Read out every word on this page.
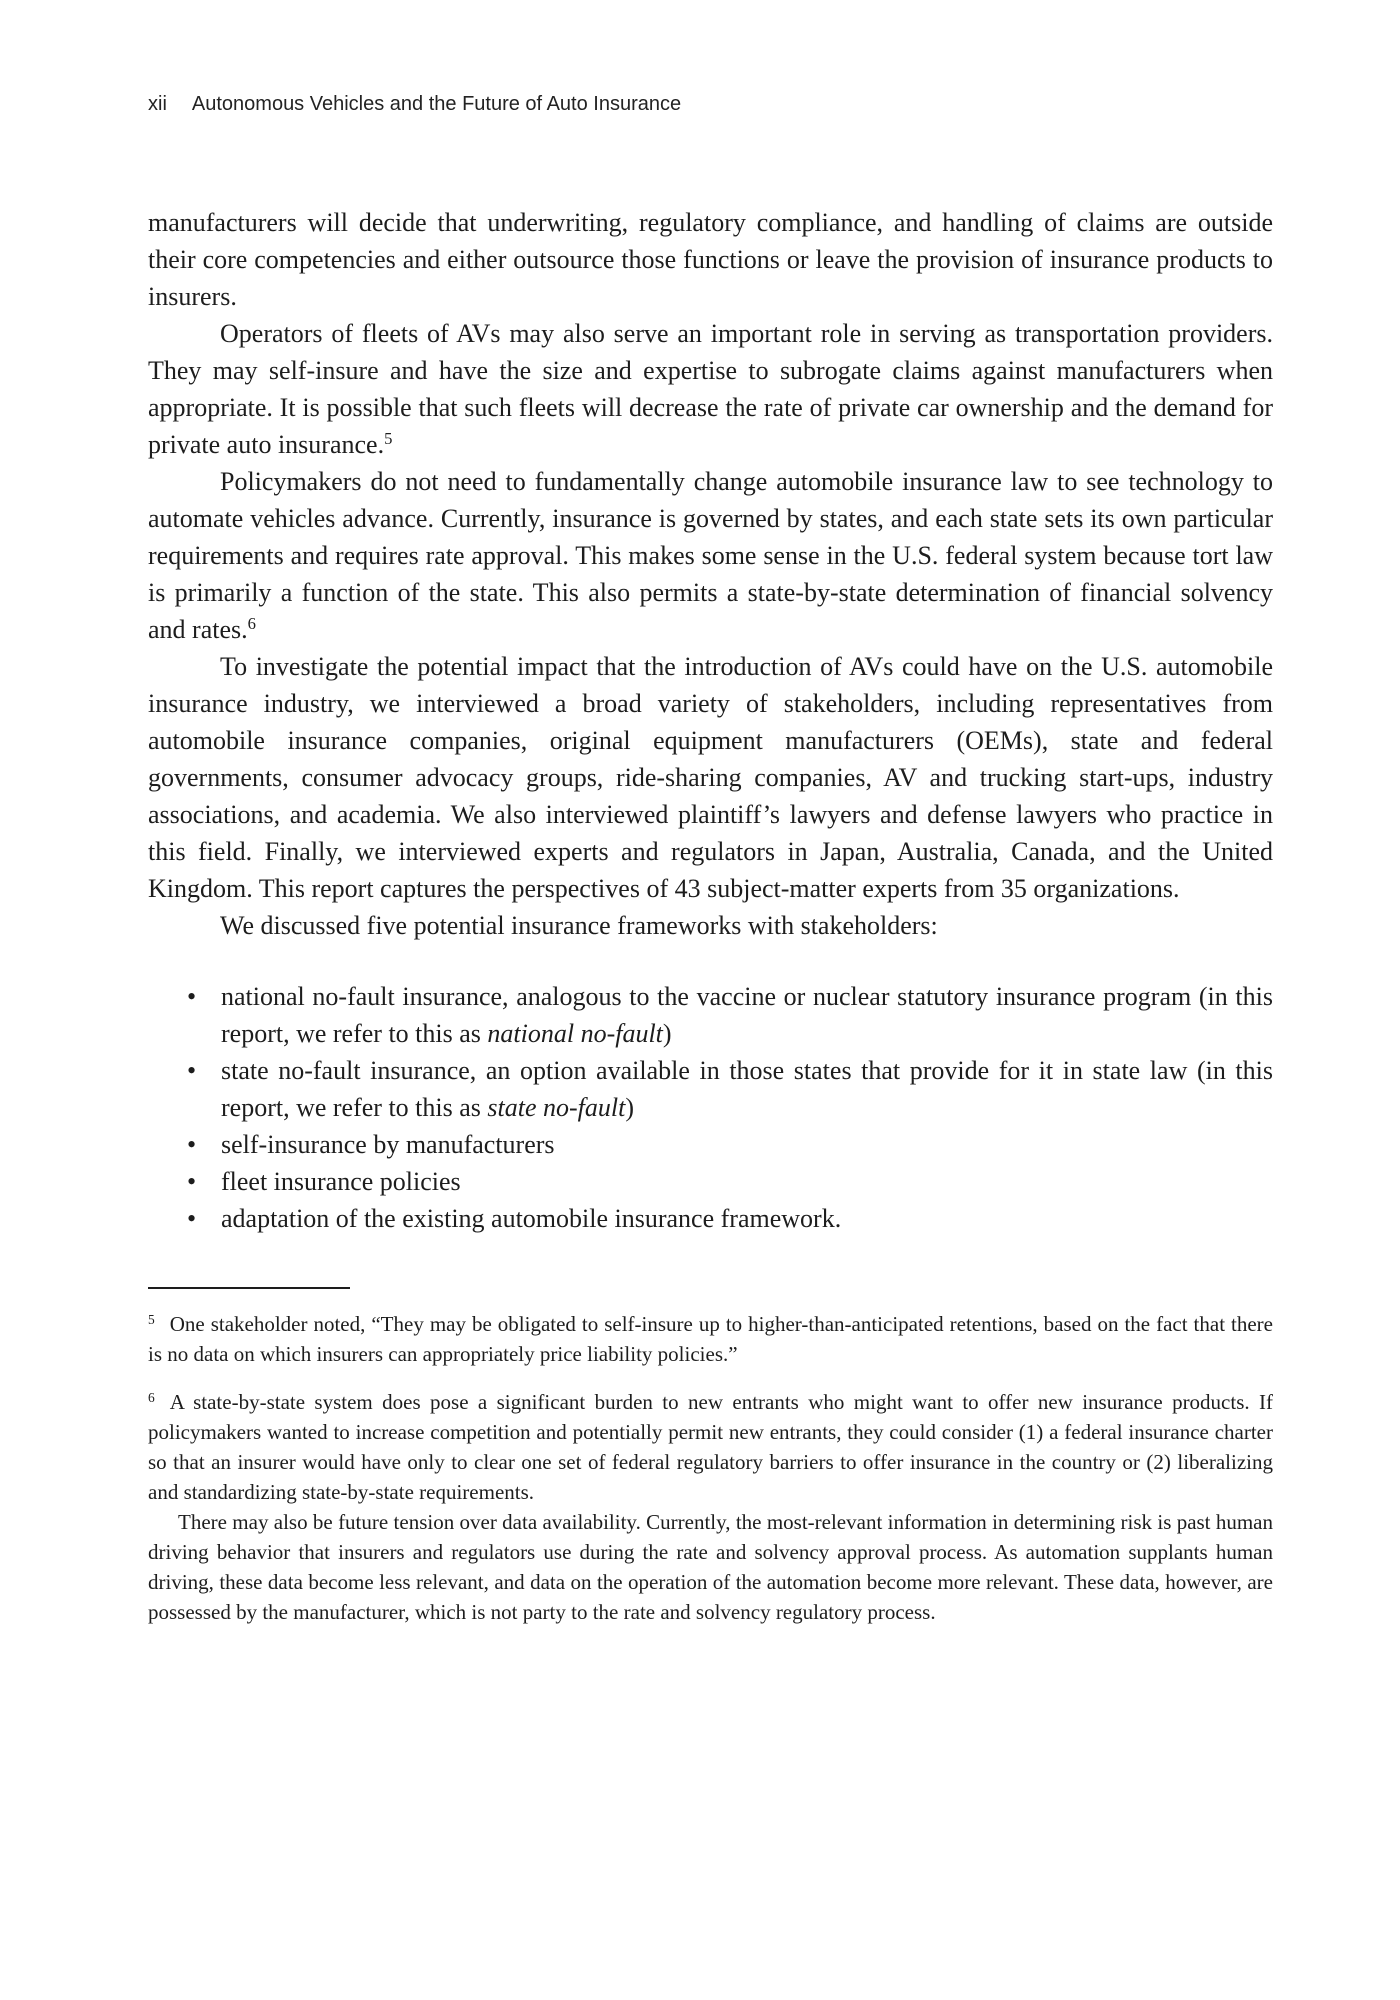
xii Autonomous Vehicles and the Future of Auto Insurance

manufacturers will decide that underwriting, regulatory compliance, and handling of claims are outside their core competencies and either outsource those functions or leave the provision of insurance products to insurers.

Operators of fleets of AVs may also serve an important role in serving as transportation providers. They may self-insure and have the size and expertise to subrogate claims against manufacturers when appropriate. It is possible that such fleets will decrease the rate of private car ownership and the demand for private auto insurance.$^5$

Policymakers do not need to fundamentally change automobile insurance law to see technology to automate vehicles advance. Currently, insurance is governed by states, and each state sets its own particular requirements and requires rate approval. This makes some sense in the U.S. federal system because tort law is primarily a function of the state. This also permits a state-by-state determination of financial solvency and rates.$^6$

To investigate the potential impact that the introduction of AVs could have on the U.S. automobile insurance industry, we interviewed a broad variety of stakeholders, including representatives from automobile insurance companies, original equipment manufacturers (OEMs), state and federal governments, consumer advocacy groups, ride-sharing companies, AV and trucking start-ups, industry associations, and academia. We also interviewed plaintiff’s lawyers and defense lawyers who practice in this field. Finally, we interviewed experts and regulators in Japan, Australia, Canada, and the United Kingdom. This report captures the perspectives of 43 subject-matter experts from 35 organizations.

We discussed five potential insurance frameworks with stakeholders:

• national no-fault insurance, analogous to the vaccine or nuclear statutory insurance program (in this report, we refer to this as national no-fault)
• state no-fault insurance, an option available in those states that provide for it in state law (in this report, we refer to this as state no-fault)
• self-insurance by manufacturers
• fleet insurance policies
• adaptation of the existing automobile insurance framework.

$^5$ One stakeholder noted, “They may be obligated to self-insure up to higher-than-anticipated retentions, based on the fact that there is no data on which insurers can appropriately price liability policies.”

$^6$ A state-by-state system does pose a significant burden to new entrants who might want to offer new insurance products. If policymakers wanted to increase competition and potentially permit new entrants, they could consider (1) a federal insurance charter so that an insurer would have only to clear one set of federal regulatory barriers to offer insurance in the country or (2) liberalizing and standardizing state-by-state requirements.

There may also be future tension over data availability. Currently, the most-relevant information in determining risk is past human driving behavior that insurers and regulators use during the rate and solvency approval process. As automation supplants human driving, these data become less relevant, and data on the operation of the automation become more relevant. These data, however, are possessed by the manufacturer, which is not party to the rate and solvency regulatory process.
